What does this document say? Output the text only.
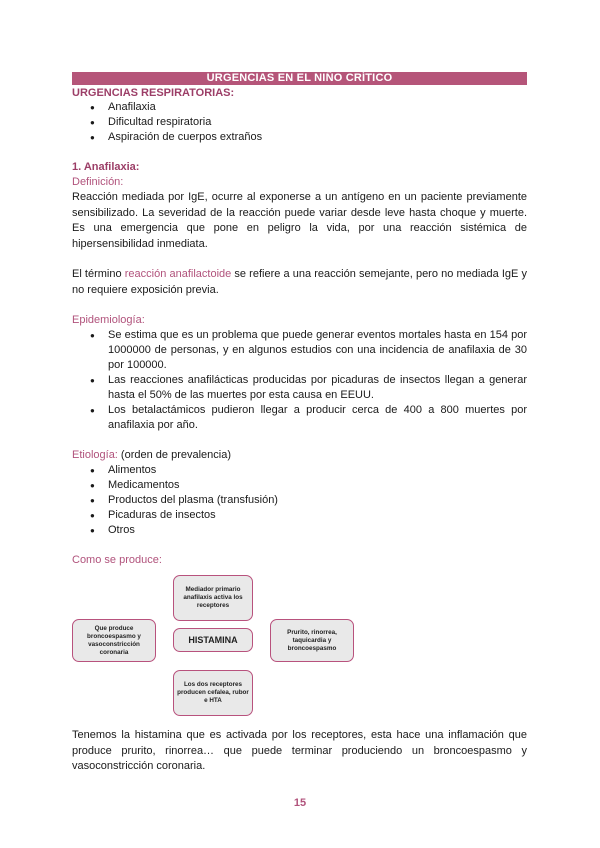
URGENCIAS EN EL NIÑO CRÍTICO
URGENCIAS RESPIRATORIAS:
● Anafilaxia
● Dificultad respiratoria
● Aspiración de cuerpos extraños
1. Anafilaxia:
Definición:

Reacción mediada por IgE, ocurre al exponerse a un antígeno en un paciente previamente sensibilizado. La severidad de la reacción puede variar desde leve hasta choque y muerte. Es una emergencia que pone en peligro la vida, por una reacción sistémica de hipersensibilidad inmediata.

El término reacción anafilactoide se refiere a una reacción semejante, pero no mediada IgE y no requiere exposición previa.

Epidemiología:
● Se estima que es un problema que puede generar eventos mortales hasta en 154 por 1000000 de personas, y en algunos estudios con una incidencia de anafilaxia de 30 por 100000.
● Las reacciones anafilácticas producidas por picaduras de insectos llegan a generar hasta el 50% de las muertes por esta causa en EEUU.
● Los betalactámicos pudieron llegar a producir cerca de 400 a 800 muertes por anafilaxia por año.
Etiología: (orden de prevalencia)
● Alimentos
● Medicamentos
● Productos del plasma (transfusión)
● Picaduras de insectos
● Otros
Como se produce:
Mediador primario anafilaxis activa los receptores
Que produce broncoespasmo y vasoconstricción coronaria
HISTAMINA
Prurito, rinorrea, taquicardia y broncoespasmo
Los dos receptores producen cefalea, rubor e HTA

Tenemos la histamina que es activada por los receptores, esta hace una inflamación que produce prurito, rinorrea… que puede terminar produciendo un broncoespasmo y vasoconstricción coronaria.

15
